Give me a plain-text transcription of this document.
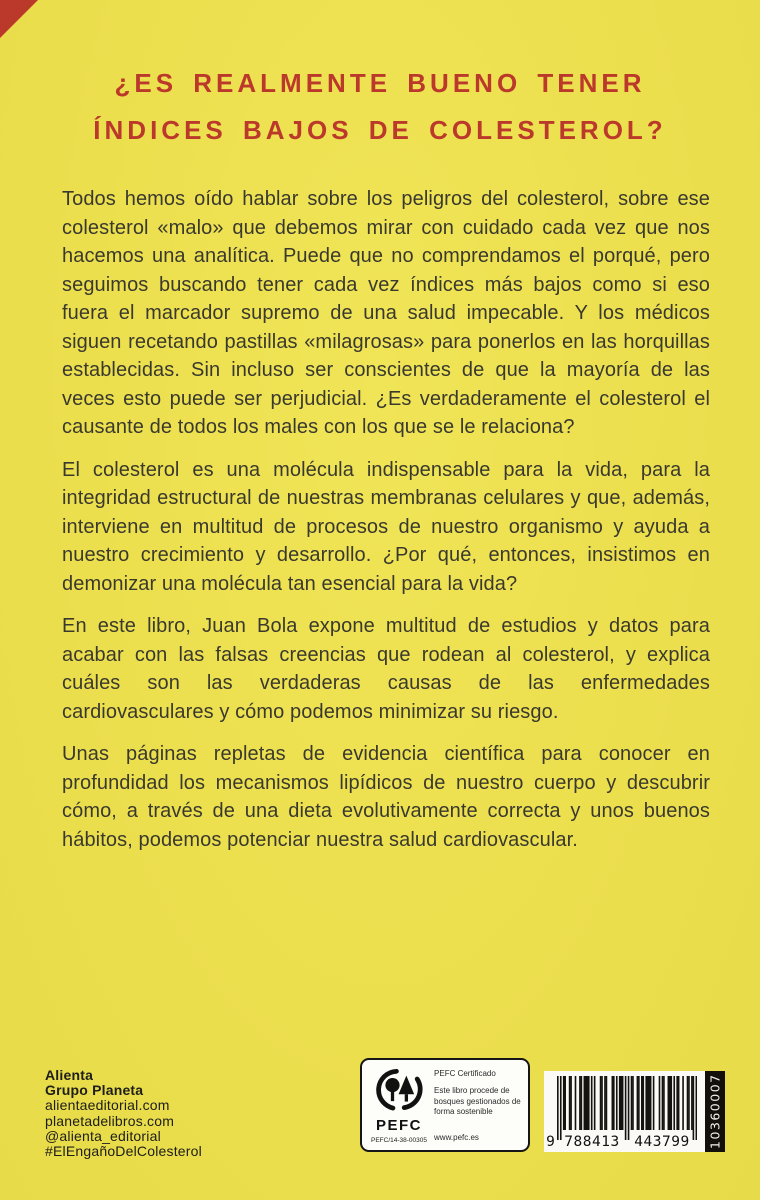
¿ES REALMENTE BUENO TENER
ÍNDICES BAJOS DE COLESTEROL?

Todos hemos oído hablar sobre los peligros del colesterol, sobre ese colesterol «malo» que debemos mirar con cuidado cada vez que nos hacemos una analítica. Puede que no comprendamos el porqué, pero seguimos buscando tener cada vez índices más bajos como si eso fuera el marcador supremo de una salud impecable. Y los médicos siguen recetando pastillas «milagrosas» para ponerlos en las horquillas establecidas. Sin incluso ser conscientes de que la mayoría de las veces esto puede ser perjudicial. ¿Es verdaderamente el colesterol el causante de todos los males con los que se le relaciona?

El colesterol es una molécula indispensable para la vida, para la integridad estructural de nuestras membranas celulares y que, además, interviene en multitud de procesos de nuestro organismo y ayuda a nuestro crecimiento y desarrollo. ¿Por qué, entonces, insistimos en demonizar una molécula tan esencial para la vida?

En este libro, Juan Bola expone multitud de estudios y datos para acabar con las falsas creencias que rodean al colesterol, y explica cuáles son las verdaderas causas de las enfermedades cardiovasculares y cómo podemos minimizar su riesgo.

Unas páginas repletas de evidencia científica para conocer en profundidad los mecanismos lipídicos de nuestro cuerpo y descubrir cómo, a través de una dieta evolutivamente correcta y unos buenos hábitos, podemos potenciar nuestra salud cardiovascular.

Alienta
Grupo Planeta
alientaeditorial.com
planetadelibros.com
@alienta_editorial
#ElEngañoDelColesterol
PEFC
PEFC/14-38-00305
PEFC Certificado
Este libro procede de bosques gestionados de forma sostenible
www.pefc.es	9 788413	443799	10360007
